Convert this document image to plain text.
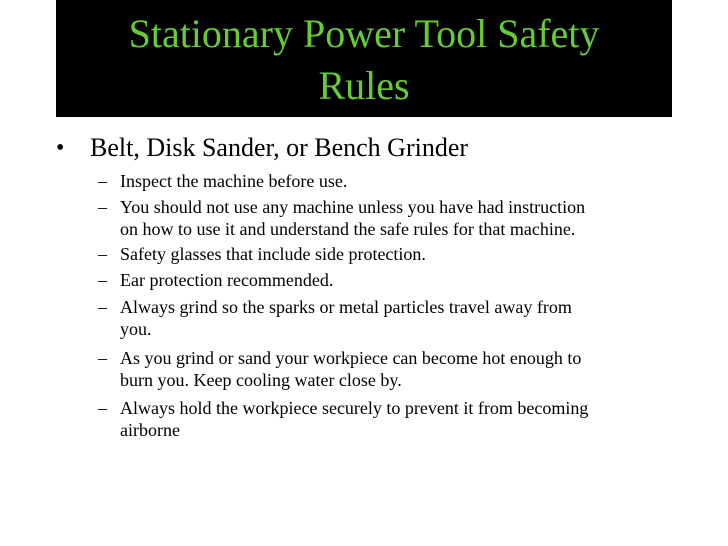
Stationary Power Tool Safety
Rules
• Belt, Disk Sander, or Bench Grinder
– Inspect the machine before use.
– You should not use any machine unless you have had instruction
on how to use it and understand the safe rules for that machine.
– Safety glasses that include side protection.
– Ear protection recommended.
– Always grind so the sparks or metal particles travel away from
you.
– As you grind or sand your workpiece can become hot enough to
burn you. Keep cooling water close by.
– Always hold the workpiece securely to prevent it from becoming
airborne
